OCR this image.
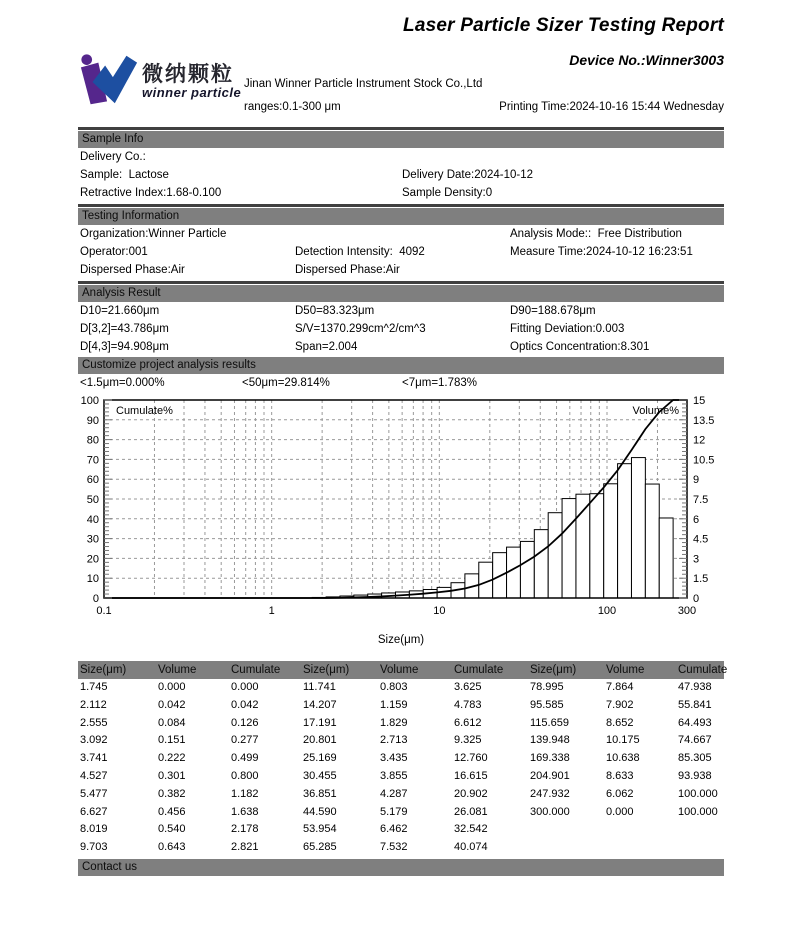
Laser Particle Sizer Testing Report
微纳颗粒
winner particle
Device No.:Winner3003
Jinan Winner Particle Instrument Stock Co.,Ltd
ranges:0.1-300 μm	Printing Time:2024-10-16 15:44 Wednesday
Sample Info
Delivery Co.:
Sample:  Lactose	Delivery Date:2024-10-12
Retractive Index:1.68-0.100	Sample Density:0
Testing Information
Organization:Winner Particle	Analysis Mode::  Free Distribution
Operator:001	Detection Intensity:  4092	Measure Time:2024-10-12 16:23:51
Dispersed Phase:Air	Dispersed Phase:Air
Analysis Result
D10=21.660μm	D50=83.323μm	D90=188.678μm
D[3,2]=43.786μm	S/V=1370.299cm^2/cm^3	Fitting Deviation:0.003
D[4,3]=94.908μm	Span=2.004	Optics Concentration:8.301
Customize project analysis results
<1.5μm=0.000%	<50μm=29.814%	<7μm=1.783%
0
10
20
30
40
50
60
70
80
90
100
0
1.5
3
4.5
6
7.5
9
10.5
12
13.5
15
0.1	1	10	100	300
Cumulate%	Volume%
Size(μm)
Size(μm)	Volume	Cumulate	Size(μm)	Volume	Cumulate	Size(μm)	Volume	Cumulate
1.745	0.000	0.000	11.741	0.803	3.625	78.995	7.864	47.938
2.112	0.042	0.042	14.207	1.159	4.783	95.585	7.902	55.841
2.555	0.084	0.126	17.191	1.829	6.612	115.659	8.652	64.493
3.092	0.151	0.277	20.801	2.713	9.325	139.948	10.175	74.667
3.741	0.222	0.499	25.169	3.435	12.760	169.338	10.638	85.305
4.527	0.301	0.800	30.455	3.855	16.615	204.901	8.633	93.938
5.477	0.382	1.182	36.851	4.287	20.902	247.932	6.062	100.000
6.627	0.456	1.638	44.590	5.179	26.081	300.000	0.000	100.000
8.019	0.540	2.178	53.954	6.462	32.542
9.703	0.643	2.821	65.285	7.532	40.074
Contact us
